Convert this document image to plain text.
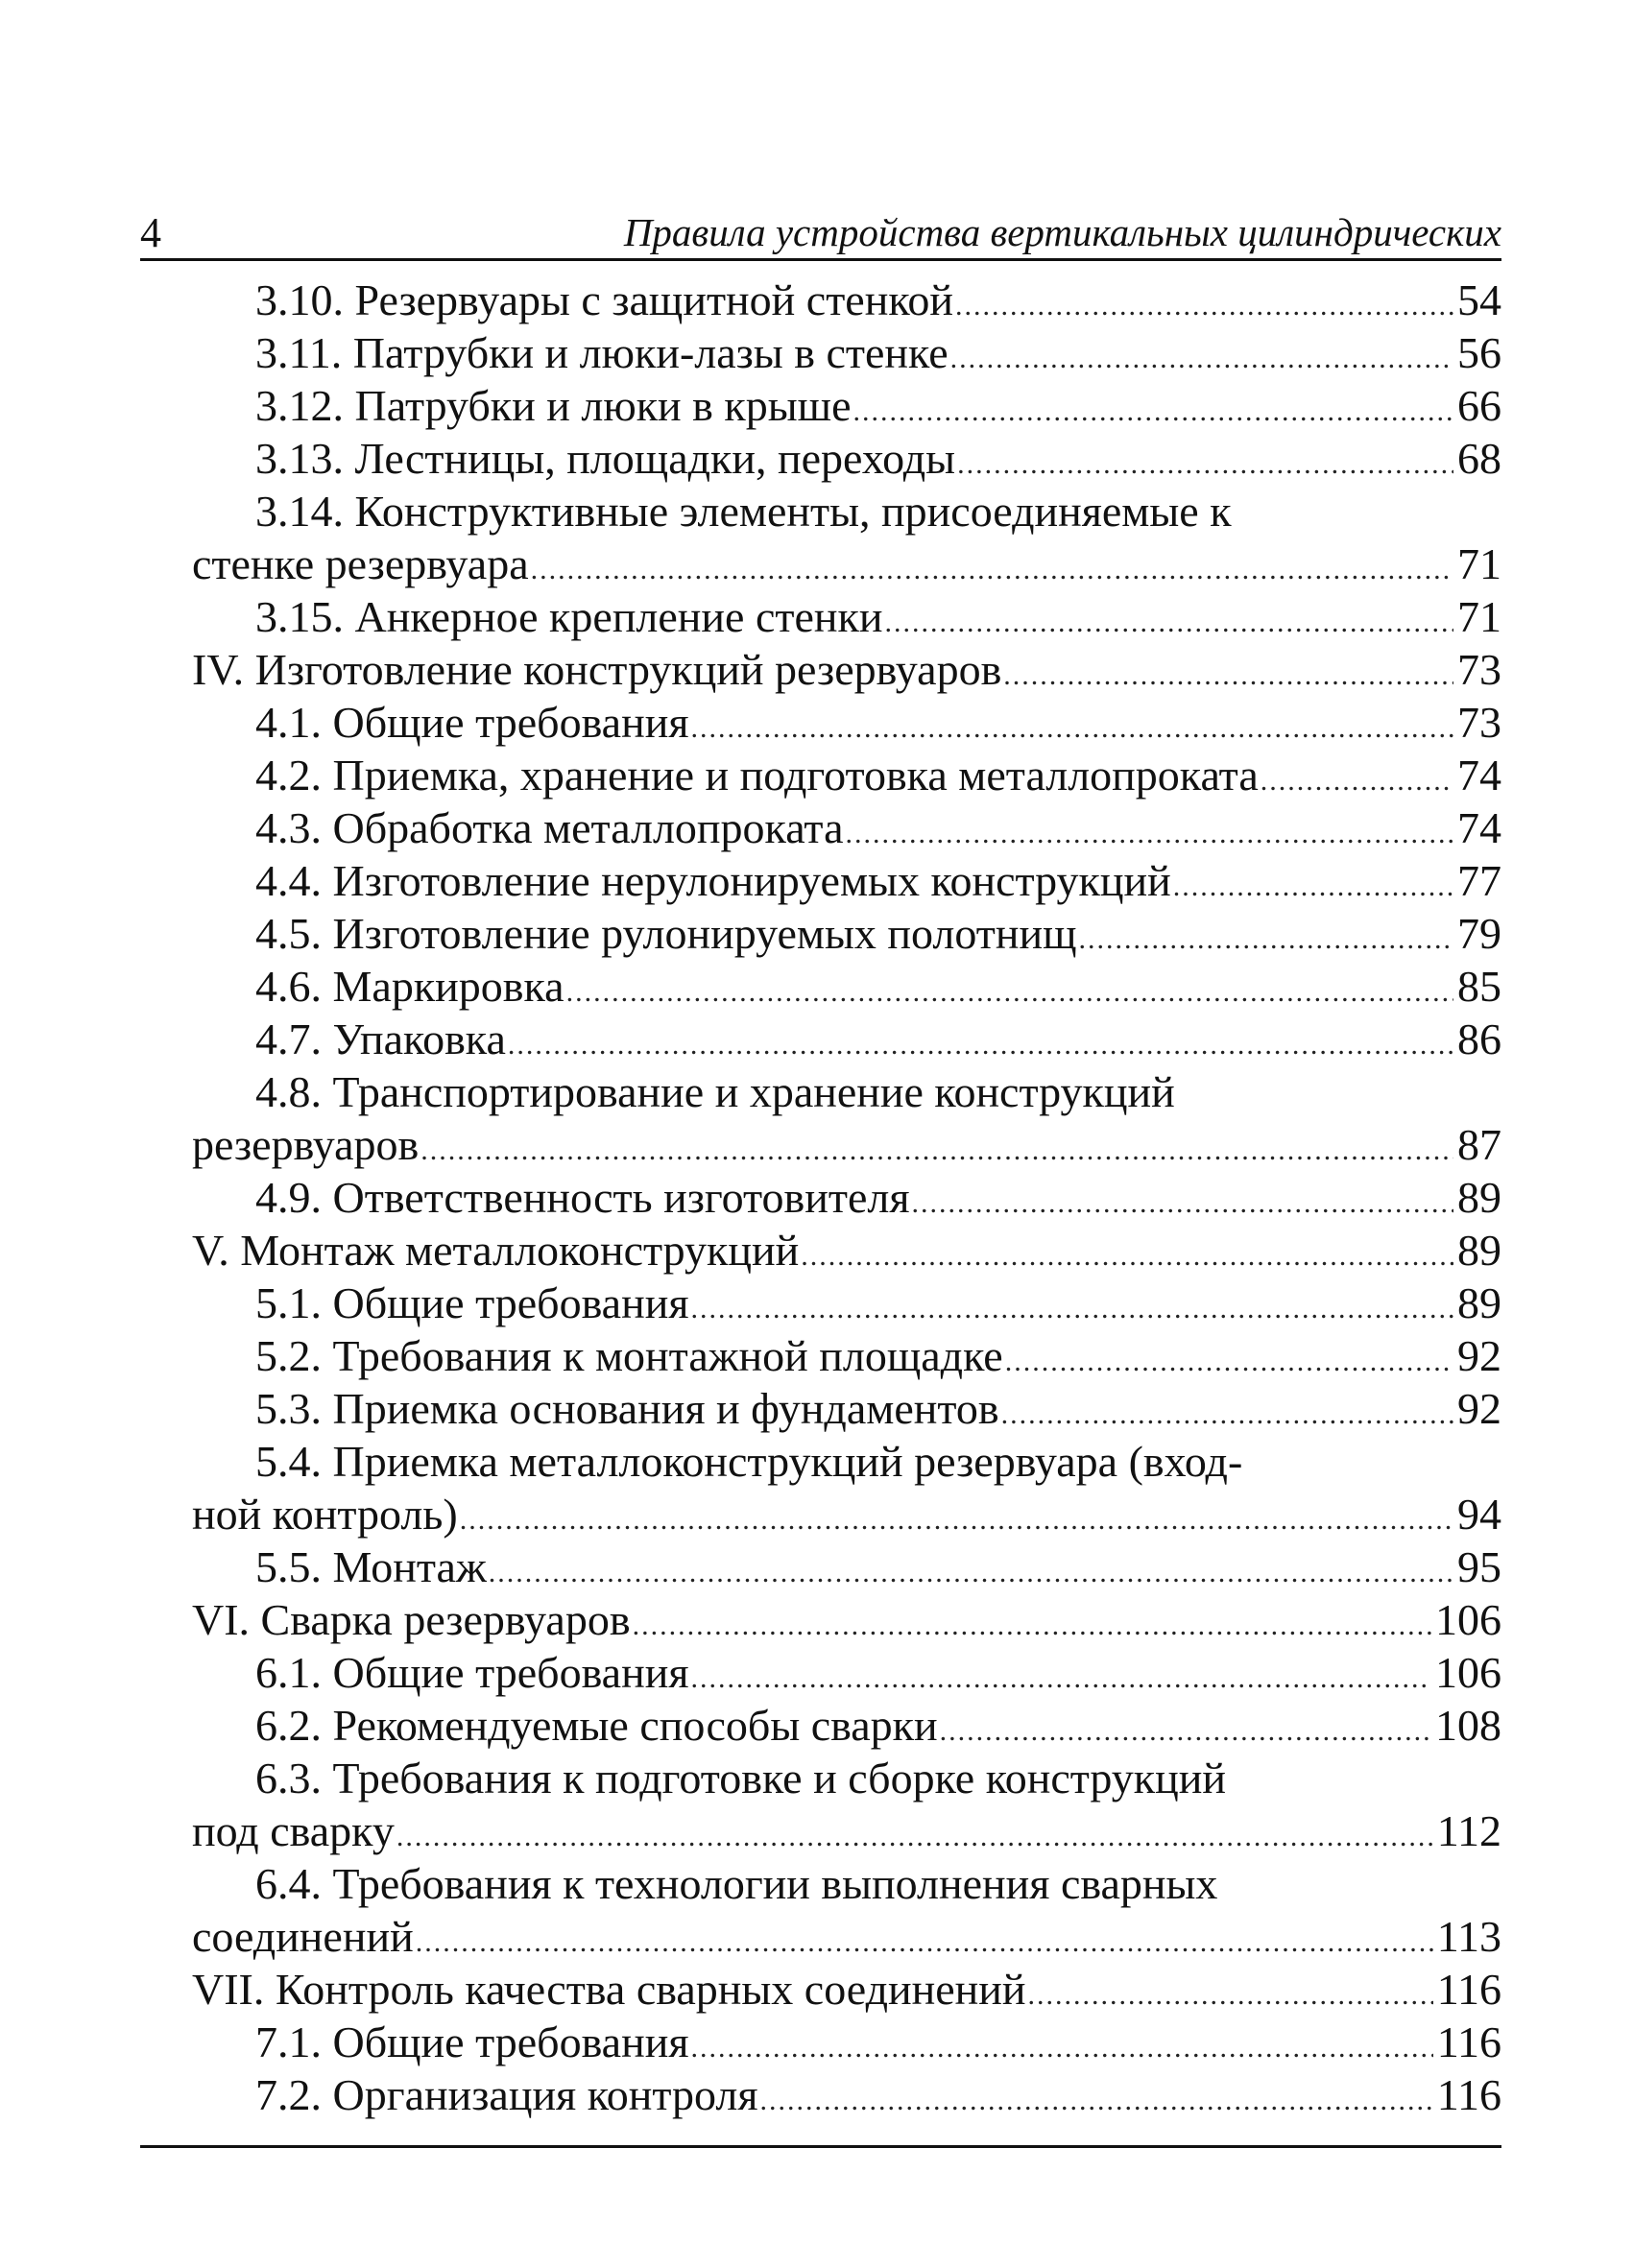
4	Правила устройства вертикальных цилиндрических
3.10. Резервуары с защитной стенкой .....	54
3.11. Патрубки и люки-лазы в стенке .....	56
3.12. Патрубки и люки в крыше .....	66
3.13. Лестницы, площадки, переходы .....	68
3.14. Конструктивные элементы, присоединяемые к
стенке резервуара .....	71
3.15. Анкерное крепление стенки .....	71
IV. Изготовление конструкций резервуаров .....	73
4.1. Общие требования .....	73
4.2. Приемка, хранение и подготовка металлопроката .....	74
4.3. Обработка металлопроката .....	74
4.4. Изготовление нерулонируемых конструкций .....	77
4.5. Изготовление рулонируемых полотнищ .....	79
4.6. Маркировка .....	85
4.7. Упаковка .....	86
4.8. Транспортирование и хранение конструкций
резервуаров .....	87
4.9. Ответственность изготовителя .....	89
V. Монтаж металлоконструкций .....	89
5.1. Общие требования .....	89
5.2. Требования к монтажной площадке .....	92
5.3. Приемка основания и фундаментов .....	92
5.4. Приемка металлоконструкций резервуара (вход-
ной контроль) .....	94
5.5. Монтаж .....	95
VI. Сварка резервуаров .....	106
6.1. Общие требования .....	106
6.2. Рекомендуемые способы сварки .....	108
6.3. Требования к подготовке и сборке конструкций
под сварку .....	112
6.4. Требования к технологии выполнения сварных
соединений .....	113
VII. Контроль качества сварных соединений .....	116
7.1. Общие требования .....	116
7.2. Организация контроля .....	116
